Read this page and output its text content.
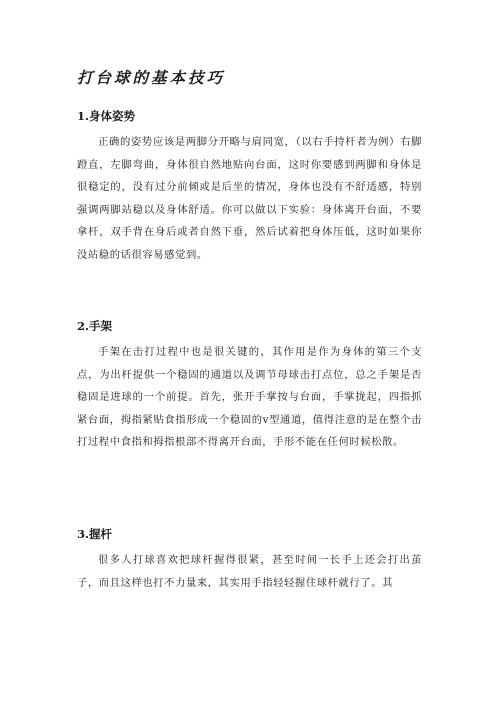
打台球的基本技巧
1.身体姿势
正确的姿势应该是两脚分开略与肩同宽，（以右手持杆者为例）右脚蹬直，左脚弯曲，身体很自然地贴向台面，这时你要感到两脚和身体是很稳定的，没有过分前倾或是后坐的情况，身体也没有不舒适感，特别强调两脚站稳以及身体舒适。你可以做以下实验：身体离开台面，不要拿杆，双手背在身后或者自然下垂，然后试着把身体压低，这时如果你没站稳的话很容易感觉到。
2.手架
手架在击打过程中也是很关键的，其作用是作为身体的第三个支点，为出杆提供一个稳固的通道以及调节母球击打点位，总之手架是否稳固是进球的一个前提。首先，张开手掌按与台面，手掌拢起，四指抓紧台面，拇指紧贴食指形成一个稳固的v型通道，值得注意的是在整个击打过程中食指和拇指根部不得离开台面，手形不能在任何时候松散。
3.握杆
很多人打球喜欢把球杆握得很紧，甚至时间一长手上还会打出茧子，而且这样也打不力量来，其实用手指轻轻握住球杆就行了。其
